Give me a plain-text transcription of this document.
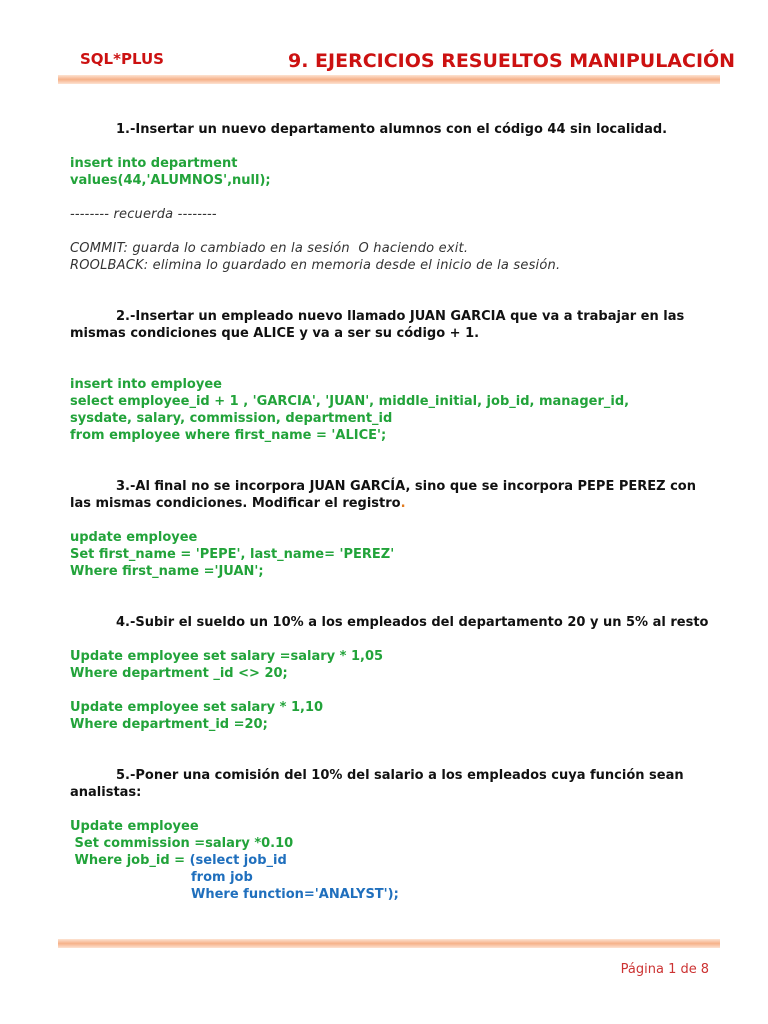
SQL*PLUS	9. EJERCICIOS RESUELTOS MANIPULACIÓN

1.-Insertar un nuevo departamento alumnos con el código 44 sin localidad.

insert into department
values(44,'ALUMNOS',null);
-------- recuerda --------
COMMIT: guarda lo cambiado en la sesión  O haciendo exit.
ROOLBACK: elimina lo guardado en memoria desde el inicio de la sesión.

2.-Insertar un empleado nuevo llamado JUAN GARCIA que va a trabajar en las mismas condiciones que ALICE y va a ser su código + 1.

insert into employee
select employee_id + 1 , 'GARCIA', 'JUAN', middle_initial, job_id, manager_id,
sysdate, salary, commission, department_id
from employee where first_name = 'ALICE';

3.-Al final no se incorpora JUAN GARCÍA, sino que se incorpora PEPE PEREZ con las mismas condiciones. Modificar el registro.

update employee
Set first_name = 'PEPE', last_name= 'PEREZ'
Where first_name ='JUAN';

4.-Subir el sueldo un 10% a los empleados del departamento 20 y un 5% al resto

Update employee set salary =salary * 1,05
Where department _id <> 20;
Update employee set salary * 1,10
Where department_id =20;

5.-Poner una comisión del 10% del salario a los empleados cuya función sean analistas:

Update employee
Set commission =salary *0.10
Where job_id = (select job_id
from job
Where function='ANALYST');
Página 1 de 8
